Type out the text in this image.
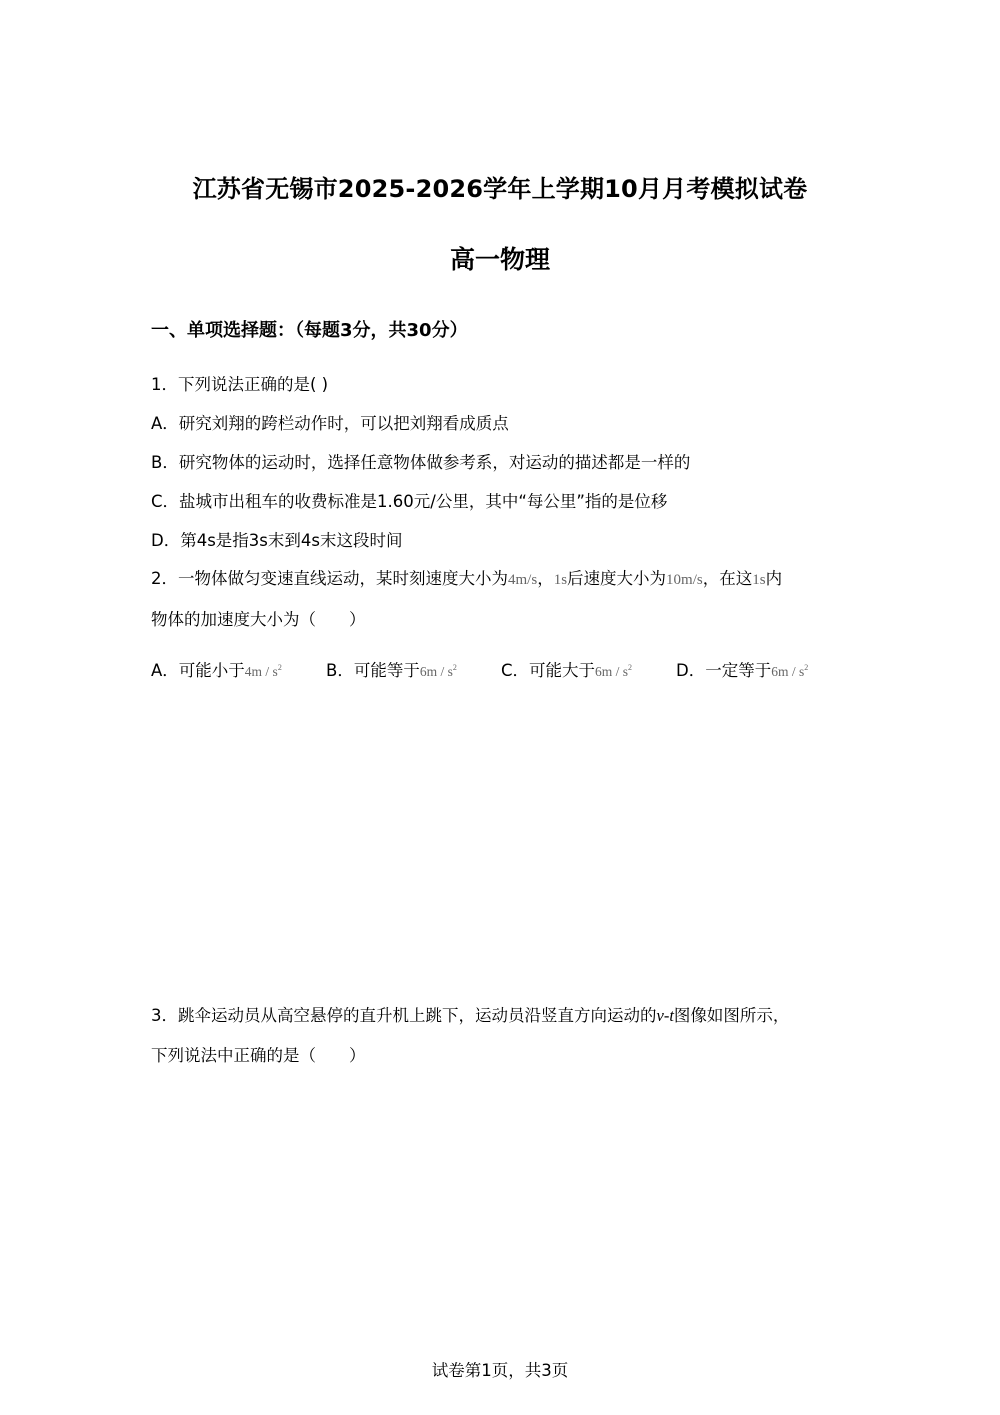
江苏省无锡市2025-2026学年上学期10月月考模拟试卷
高一物理
一、单项选择题：（每题3分，共30分）
1．下列说法正确的是( )
A．研究刘翔的跨栏动作时，可以把刘翔看成质点
B．研究物体的运动时，选择任意物体做参考系，对运动的描述都是一样的
C．盐城市出租车的收费标准是1.60元/公里，其中“每公里”指的是位移
D．第4s是指3s末到4s末这段时间
2．一物体做匀变速直线运动，某时刻速度大小为4m/s，1s后速度大小为10m/s，在这1s内
物体的加速度大小为（　　）
A．可能小于$4m / s^2$	B．可能等于$6m / s^2$	C．可能大于$6m / s^2$	D．一定等于$6m / s^2$
3．跳伞运动员从高空悬停的直升机上跳下，运动员沿竖直方向运动的v-t图像如图所示，
下列说法中正确的是（　　）
试卷第1页，共3页
